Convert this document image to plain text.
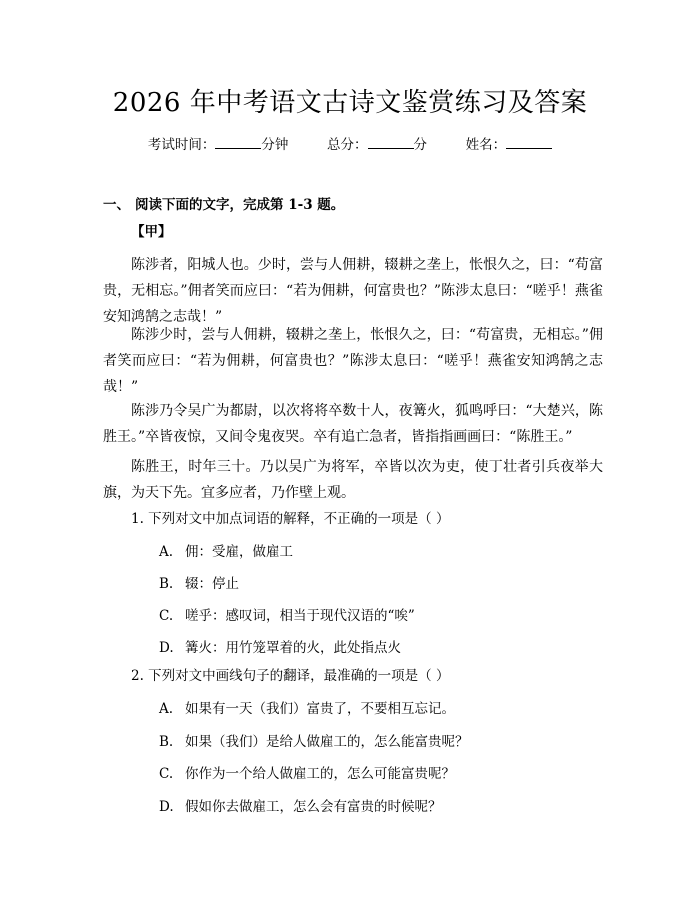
2026 年中考语文古诗文鉴赏练习及答案
考试时间：	分钟	总分：	分	姓名：
一、 阅读下面的文字，完成第 1-3 题。
【甲】
陈涉者，阳城人也。少时，尝与人佣耕，辍耕之垄上，怅恨久之，曰：“苟富贵，无相忘。”佣者笑而应曰：“若为佣耕，何富贵也？”陈涉太息曰：“嗟乎！燕雀安知鸿鹄之志哉！”
陈涉少时，尝与人佣耕，辍耕之垄上，怅恨久之，曰：“苟富贵，无相忘。”佣者笑而应曰：“若为佣耕，何富贵也？”陈涉太息曰：“嗟乎！燕雀安知鸿鹄之志哉！”
陈涉乃令吴广为都尉，以次将将卒数十人，夜篝火，狐鸣呼曰：“大楚兴，陈胜王。”卒皆夜惊，又间令鬼夜哭。卒有追亡急者，皆指指画画曰：“陈胜王。”
陈胜王，时年三十。乃以吴广为将军，卒皆以次为吏，使丁壮者引兵夜举大旗，为天下先。宜多应者，乃作壁上观。
1. 下列对文中加点词语的解释，不正确的一项是（ ）
A. 佣：受雇，做雇工
B. 辍：停止
C. 嗟乎：感叹词，相当于现代汉语的“唉”
D. 篝火：用竹笼罩着的火，此处指点火
2. 下列对文中画线句子的翻译，最准确的一项是（ ）
A. 如果有一天（我们）富贵了，不要相互忘记。
B. 如果（我们）是给人做雇工的，怎么能富贵呢？
C. 你作为一个给人做雇工的，怎么可能富贵呢？
D. 假如你去做雇工，怎么会有富贵的时候呢？
